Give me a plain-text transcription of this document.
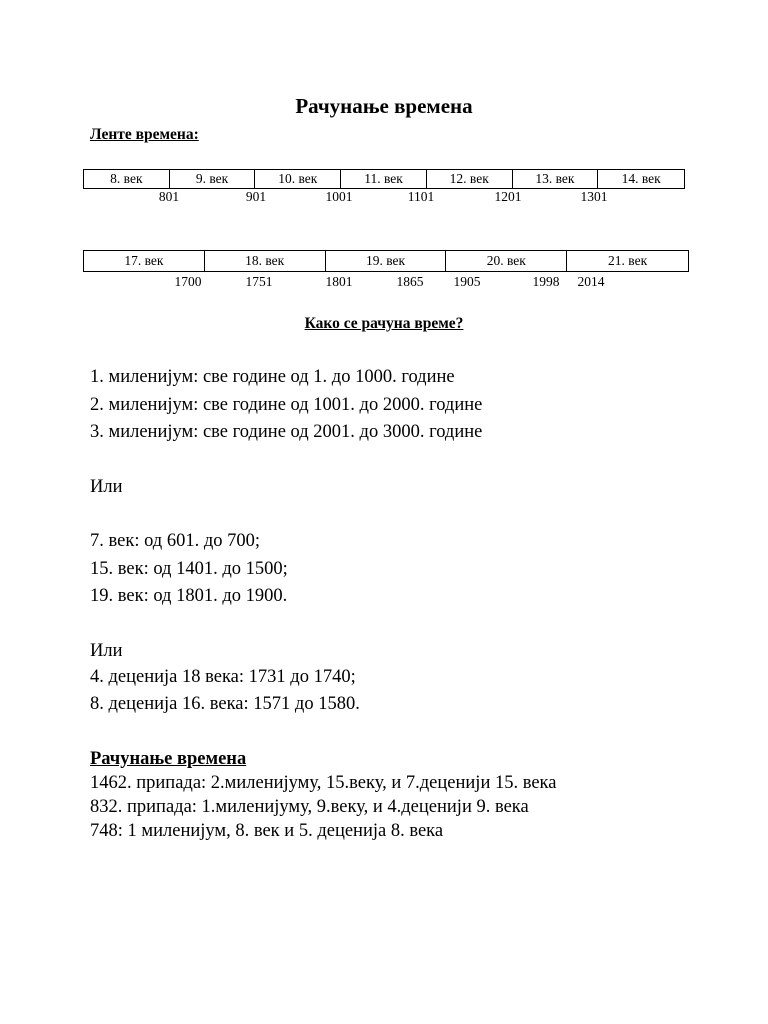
Рачунање времена
Ленте времена:
8. век	9. век	10. век	11. век	12. век	13. век	14. век
801	901	1001	1101	1201	1301
17. век	18. век	19. век	20. век	21. век
1700	1751	1801	1865 1905	1998 2014
Како се рачуна време?
1. миленијум: све године од 1. до 1000. године
2. миленијум: све године од 1001. до 2000. године
3. миленијум: све године од 2001. до 3000. године
Или
7. век: од 601. до 700;
15. век: од 1401. до 1500;
19. век: од 1801. до 1900.
Или
4. деценија 18 века: 1731 до 1740;
8. деценија 16. века: 1571 до 1580.
Рачунање времена
1462. припада: 2.миленијуму, 15.веку, и 7.деценији 15. века
832. припада: 1.миленијуму, 9.веку, и 4.деценији 9. века
748: 1 миленијум, 8. век и 5. деценија 8. века
